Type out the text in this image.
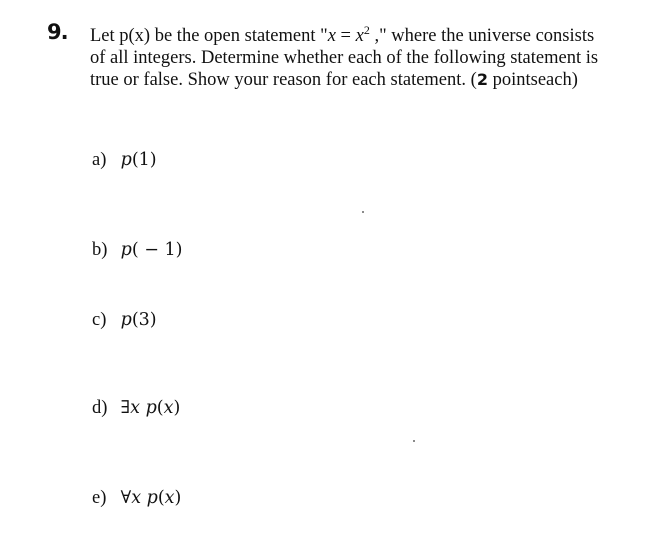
9. Let p(x) be the open statement "$x = x^2$ ," where the universe consists
of all integers. Determine whether each of the following statement is
true or false. Show your reason for each statement. (2 pointseach)
a) p(1)
b) p( − 1)
c) p(3)
d) ∃x p(x)
e) ∀x p(x)
